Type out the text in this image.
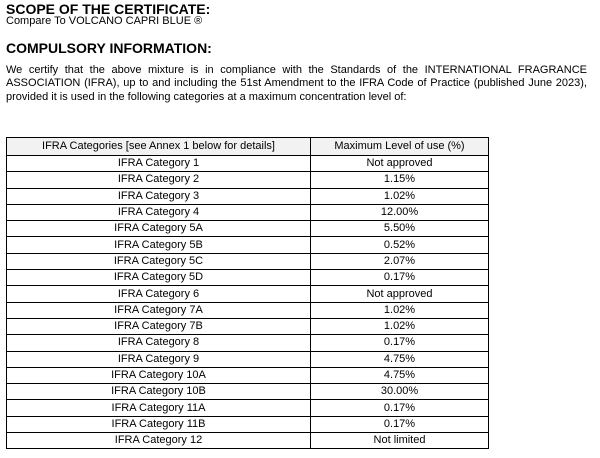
SCOPE OF THE CERTIFICATE:
Compare To VOLCANO CAPRI BLUE ®
COMPULSORY INFORMATION:

We certify that the above mixture is in compliance with the Standards of the INTERNATIONAL FRAGRANCE ASSOCIATION (IFRA), up to and including the 51st Amendment to the IFRA Code of Practice (published June 2023), provided it is used in the following categories at a maximum concentration level of:

IFRA Categories [see Annex 1 below for details]	Maximum Level of use (%)
IFRA Category 1	Not approved
IFRA Category 2	1.15%
IFRA Category 3	1.02%
IFRA Category 4	12.00%
IFRA Category 5A	5.50%
IFRA Category 5B	0.52%
IFRA Category 5C	2.07%
IFRA Category 5D	0.17%
IFRA Category 6	Not approved
IFRA Category 7A	1.02%
IFRA Category 7B	1.02%
IFRA Category 8	0.17%
IFRA Category 9	4.75%
IFRA Category 10A	4.75%
IFRA Category 10B	30.00%
IFRA Category 11A	0.17%
IFRA Category 11B	0.17%
IFRA Category 12	Not limited
